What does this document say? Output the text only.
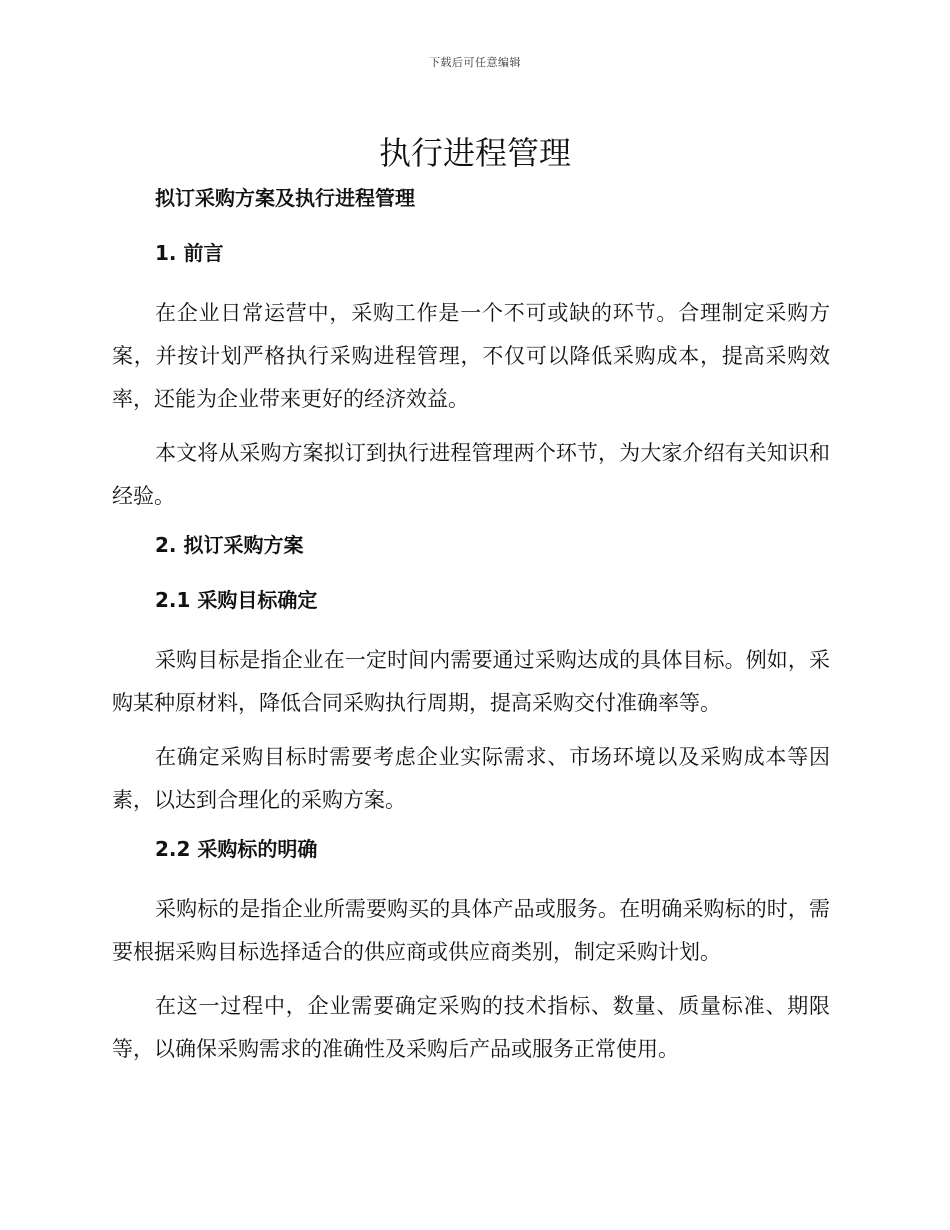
下载后可任意编辑
执行进程管理

拟订采购方案及执行进程管理

1. 前言

在企业日常运营中，采购工作是一个不可或缺的环节。合理制定采购方案，并按计划严格执行采购进程管理，不仅可以降低采购成本，提高采购效率，还能为企业带来更好的经济效益。

本文将从采购方案拟订到执行进程管理两个环节，为大家介绍有关知识和经验。

2. 拟订采购方案

2.1 采购目标确定

采购目标是指企业在一定时间内需要通过采购达成的具体目标。例如，采购某种原材料，降低合同采购执行周期，提高采购交付准确率等。

在确定采购目标时需要考虑企业实际需求、市场环境以及采购成本等因素，以达到合理化的采购方案。

2.2 采购标的明确

采购标的是指企业所需要购买的具体产品或服务。在明确采购标的时，需要根据采购目标选择适合的供应商或供应商类别，制定采购计划。

在这一过程中，企业需要确定采购的技术指标、数量、质量标准、期限等，以确保采购需求的准确性及采购后产品或服务正常使用。
